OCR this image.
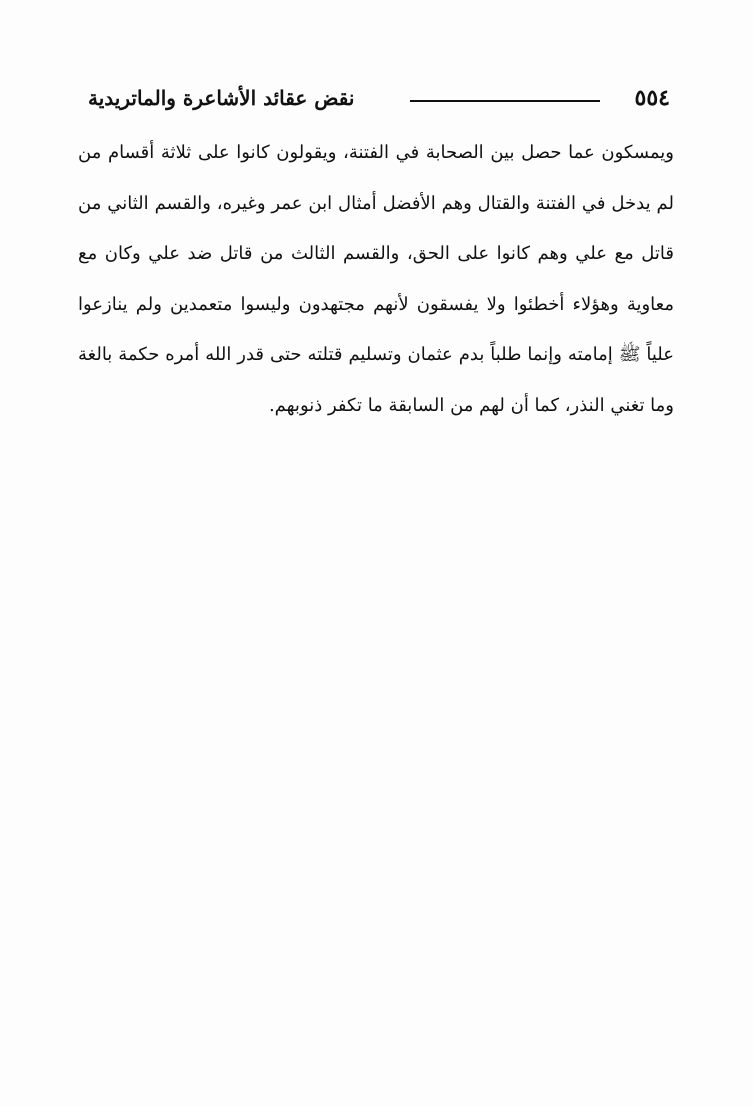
٥٥٤
نقض عقائد الأشاعرة والماتريدية

ويمسكون عما حصل بين الصحابة في الفتنة، ويقولون كانوا على ثلاثة أقسام من لم يدخل في الفتنة والقتال وهم الأفضل أمثال ابن عمر وغيره، والقسم الثاني من قاتل مع علي وهم كانوا على الحق، والقسم الثالث من قاتل ضد علي وكان مع معاوية وهؤلاء أخطئوا ولا يفسقون لأنهم مجتهدون وليسوا متعمدين ولم ينازعوا علياً ﷺ إمامته وإنما طلباً بدم عثمان وتسليم قتلته حتى قدر الله أمره حكمة بالغة وما تغني النذر، كما أن لهم من السابقة ما تكفر ذنوبهم.
